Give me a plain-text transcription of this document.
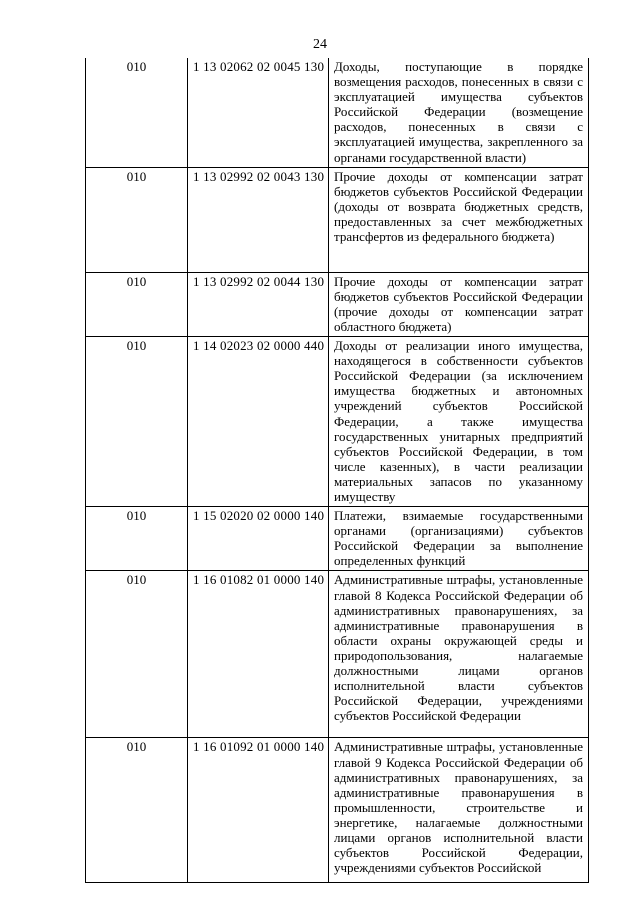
24
010	1 13 02062 02 0045 130	Доходы, поступающие в порядке возмещения расходов, понесенных в связи с эксплуатацией имущества субъектов Российской Федерации (возмещение расходов, понесенных в связи с эксплуатацией имущества, закрепленного за органами государственной власти)
010	1 13 02992 02 0043 130	Прочие доходы от компенсации затрат бюджетов субъектов Российской Федерации (доходы от возврата бюджетных средств, предоставленных за счет межбюджетных трансфертов из федерального бюджета)
010	1 13 02992 02 0044 130	Прочие доходы от компенсации затрат бюджетов субъектов Российской Федерации (прочие доходы от компенсации затрат областного бюджета)
010	1 14 02023 02 0000 440	Доходы от реализации иного имущества, находящегося в собственности субъектов Российской Федерации (за исключением имущества бюджетных и автономных учреждений субъектов Российской Федерации, а также имущества государственных унитарных предприятий субъектов Российской Федерации, в том числе казенных), в части реализации материальных запасов по указанному имуществу
010	1 15 02020 02 0000 140	Платежи, взимаемые государственными органами (организациями) субъектов Российской Федерации за выполнение определенных функций
010	1 16 01082 01 0000 140	Административные штрафы, установленные главой 8 Кодекса Российской Федерации об административных правонарушениях, за административные правонарушения в области охраны окружающей среды и природопользования, налагаемые должностными лицами органов исполнительной власти субъектов Российской Федерации, учреждениями субъектов Российской Федерации
010	1 16 01092 01 0000 140	Административные штрафы, установленные главой 9 Кодекса Российской Федерации об административных правонарушениях, за административные правонарушения в промышленности, строительстве и энергетике, налагаемые должностными лицами органов исполнительной власти субъектов Российской Федерации, учреждениями субъектов Российской
